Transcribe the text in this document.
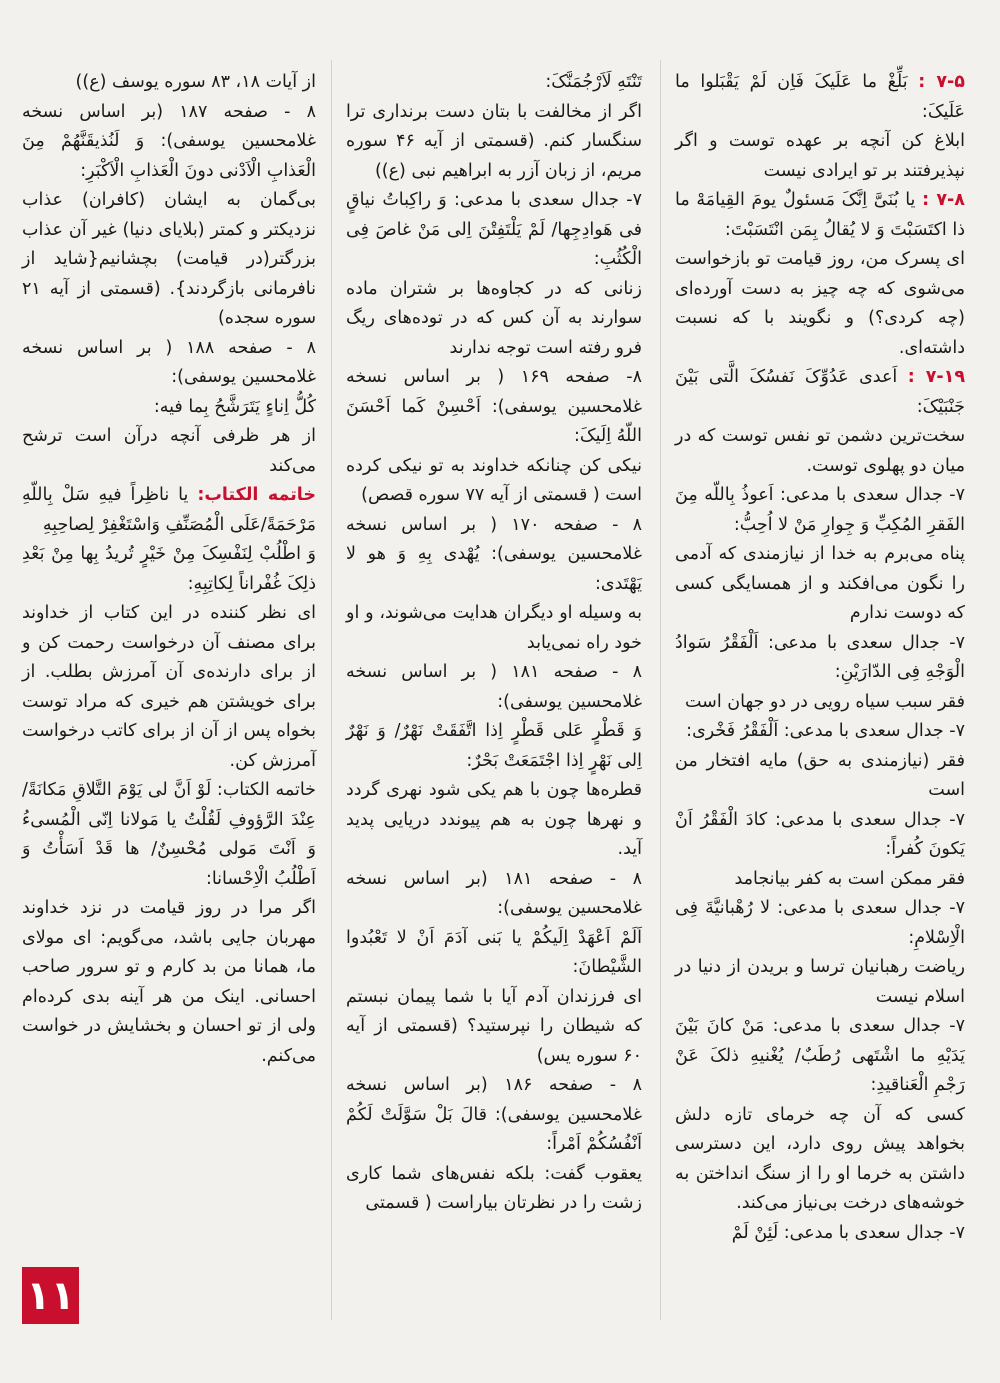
۷-۵ : بَلِّغْ ما عَلَیکَ فَاِن لَمْ یَقْبَلوا ما عَلَیکَ:

ابلاغ کن آنچه بر عهده توست و اگر نپذیرفتند بر تو ایرادی نیست

۷-۸ : یا بُنَیَّ اِنَّکَ مَسئولٌ یومَ القِیامَهْ ما ذا اکتَسَبْتَ وَ لا یُقالُ بِمَن انْتَسَبْتَ:

ای پسرک من، روز قیامت تو بازخواست می‌شوی که چه چیز به دست آورده‌ای (چه کردی؟) و نگویند با که نسبت داشته‌ای.

۷-۱۹ : اَعدی عَدُوِّکَ نَفسُکَ الَّتی بَیْنَ جَنْبَیْکَ:

سخت‌ترین دشمن تو نفس توست که در میان دو پهلوی توست.

۷- جدال سعدی با مدعی: اَعوذُ بِاللّه مِنَ الفَقرِ المُکِبِّ وَ جِوارِ مَنْ لا اُحِبُّ:

پناه می‌برم به خدا از نیازمندی که آدمی را نگون می‌افکند و از همسایگی کسی که دوست ندارم

۷- جدال سعدی با مدعی: اَلْفَقْرُ سَوادُ الْوَجْهِ فِی الدّارَیْنِ:

فقر سبب سیاه رویی در دو جهان است

۷- جدال سعدی با مدعی: اَلْفَقْرُ فَخْری:

فقر (نیازمندی به حق) مایه افتخار من است

۷- جدال سعدی با مدعی: کادَ الْفَقْرُ اَنْ یَکونَ کُفراً:

فقر ممکن است به کفر بیانجامد

۷- جدال سعدی با مدعی: لا رُهْبانیَّةَ فِی الْاِسْلامِ:

ریاضت رهبانیان ترسا و بریدن از دنیا در اسلام نیست

۷- جدال سعدی با مدعی: مَنْ کانَ بَیْنَ یَدَیْهِ ما اشْتَهی رُطَبٌ/ یُغْنیهِ ذلکَ عَنْ رَجْمِ الْعَناقیدِ:

کسی که آن چه خرمای تازه دلش بخواهد پیش روی دارد، این دسترسی داشتن به خرما او را از سنگ انداختن به خوشه‌های درخت بی‌نیاز می‌کند.

۷- جدال سعدی با مدعی: لَئِنْ لَمْ

تَنْتَهِ لَاَرْجُمَنَّکَ:

اگر از مخالفت با بتان دست برنداری ترا سنگسار کنم. (قسمتی از آیه ۴۶ سوره مریم، از زبان آزر به ابراهیم نبی (ع))

۷- جدال سعدی با مدعی: وَ راکِباتُ نیاقٍ فی هَوادِجِها/ لَمْ یَلْتَفِتْنَ اِلی مَنْ غاصَ فِی الْکُثُبِ:

زنانی که در کجاوه‌ها بر شتران ماده سوارند به آن کس که در توده‌های ریگ فرو رفته است توجه ندارند

۸- صفحه ۱۶۹ ( بر اساس نسخه غلامحسین یوسفی): اَحْسِنْ کَما اَحْسَنَ اللّهُ اِلَیکَ:

نیکی کن چنانکه خداوند به تو نیکی کرده است ( قسمتی از آیه ۷۷ سوره قصص)

۸ - صفحه ۱۷۰ ( بر اساس نسخه غلامحسین یوسفی): یُهْدی بِهِ وَ هو لا یَهْتَدی:

به وسیله او دیگران هدایت می‌شوند، و او خود راه نمی‌یابد

۸ - صفحه ۱۸۱ ( بر اساس نسخه غلامحسین یوسفی):

وَ قَطْرٍ عَلی قَطْرٍ اِذا اتَّفَقَتْ نَهْرٌ/ وَ نَهْرٌ اِلی نَهْرٍ اِذا اجْتَمَعَتْ بَحْرٌ:

قطره‌ها چون با هم یکی شود نهری گردد و نهرها چون به هم پیوندد دریایی پدید آید.

۸ - صفحه ۱۸۱ (بر اساس نسخه غلامحسین یوسفی):

اَلَمْ اَعْهَدْ اِلَیکُمْ یا بَنی آدَمَ اَنْ لا تَعْبُدوا الشَّیْطانَ:

ای فرزندان آدم آیا با شما پیمان نبستم که شیطان را نپرستید؟ (قسمتی از آیه ۶۰ سوره یس)

۸ - صفحه ۱۸۶ (بر اساس نسخه غلامحسین یوسفی): قالَ بَلْ سَوَّلَتْ لَکُمْ اَنْفُسُکُمْ اَمْراً:

یعقوب گفت: بلکه نفس‌های شما کاری زشت را در نظرتان بیاراست ( قسمتی

از آیات ۱۸، ۸۳ سوره یوسف (ع))

۸ - صفحه ۱۸۷ (بر اساس نسخه غلامحسین یوسفی): وَ لَنُذیقَنَّهُمْ مِنَ الْعَذابِ الْاَدْنی دونَ الْعَذابِ الْاَکْبَرِ:

بی‌گمان به ایشان (کافران) عذاب نزدیکتر و کمتر (بلایای دنیا) غیر آن عذاب بزرگتر(در قیامت) بچشانیم{شاید از نافرمانی بازگردند}. (قسمتی از آیه ۲۱ سوره سجده)

۸ - صفحه ۱۸۸ ( بر اساس نسخه غلامحسین یوسفی):

کُلُّ اِناءٍ یَتَرَشَّحُ بِما فیه:

از هر ظرفی آنچه درآن است ترشح می‌کند

خاتمه الکتاب: یا ناظِراً فیهِ سَلْ بِاللّهِ مَرْحَمَةً/عَلَی الْمُصَنِّفِ وَاسْتَغْفِرْ لِصاحِبِهِ

وَ اطْلُبْ لِنَفْسِکَ مِنْ خَیْرٍ تُریدُ بِها مِنْ بَعْدِ ذلِکَ غُفْراناً لِکاتِبِهِ:

ای نظر کننده در این کتاب از خداوند برای مصنف آن درخواست رحمت کن و از برای دارنده‌ی آن آمرزش بطلب. از برای خویشتن هم خیری که مراد توست بخواه پس از آن از برای کاتب درخواست آمرزش کن.

خاتمه الکتاب: لَوْ اَنَّ لی یَوْمَ التَّلاقِ مَکانَةً/ عِنْدَ الرَّؤوفِ لَقُلْتُ یا مَولانا اِنّی الْمُسیءُ وَ اَنْتَ مَولی مُحْسِنٌ/ ها قَدْ اَسَأْتُ وَ اَطْلُبُ الْاِحْسانا:

اگر مرا در روز قیامت در نزد خداوند مهربان جایی باشد، می‌گویم: ای مولای ما، همانا من بد کارم و تو سرور صاحب احسانی. اینک من هر آینه بدی کرده‌ام ولی از تو احسان و بخشایش در خواست می‌کنم.

۱۱
